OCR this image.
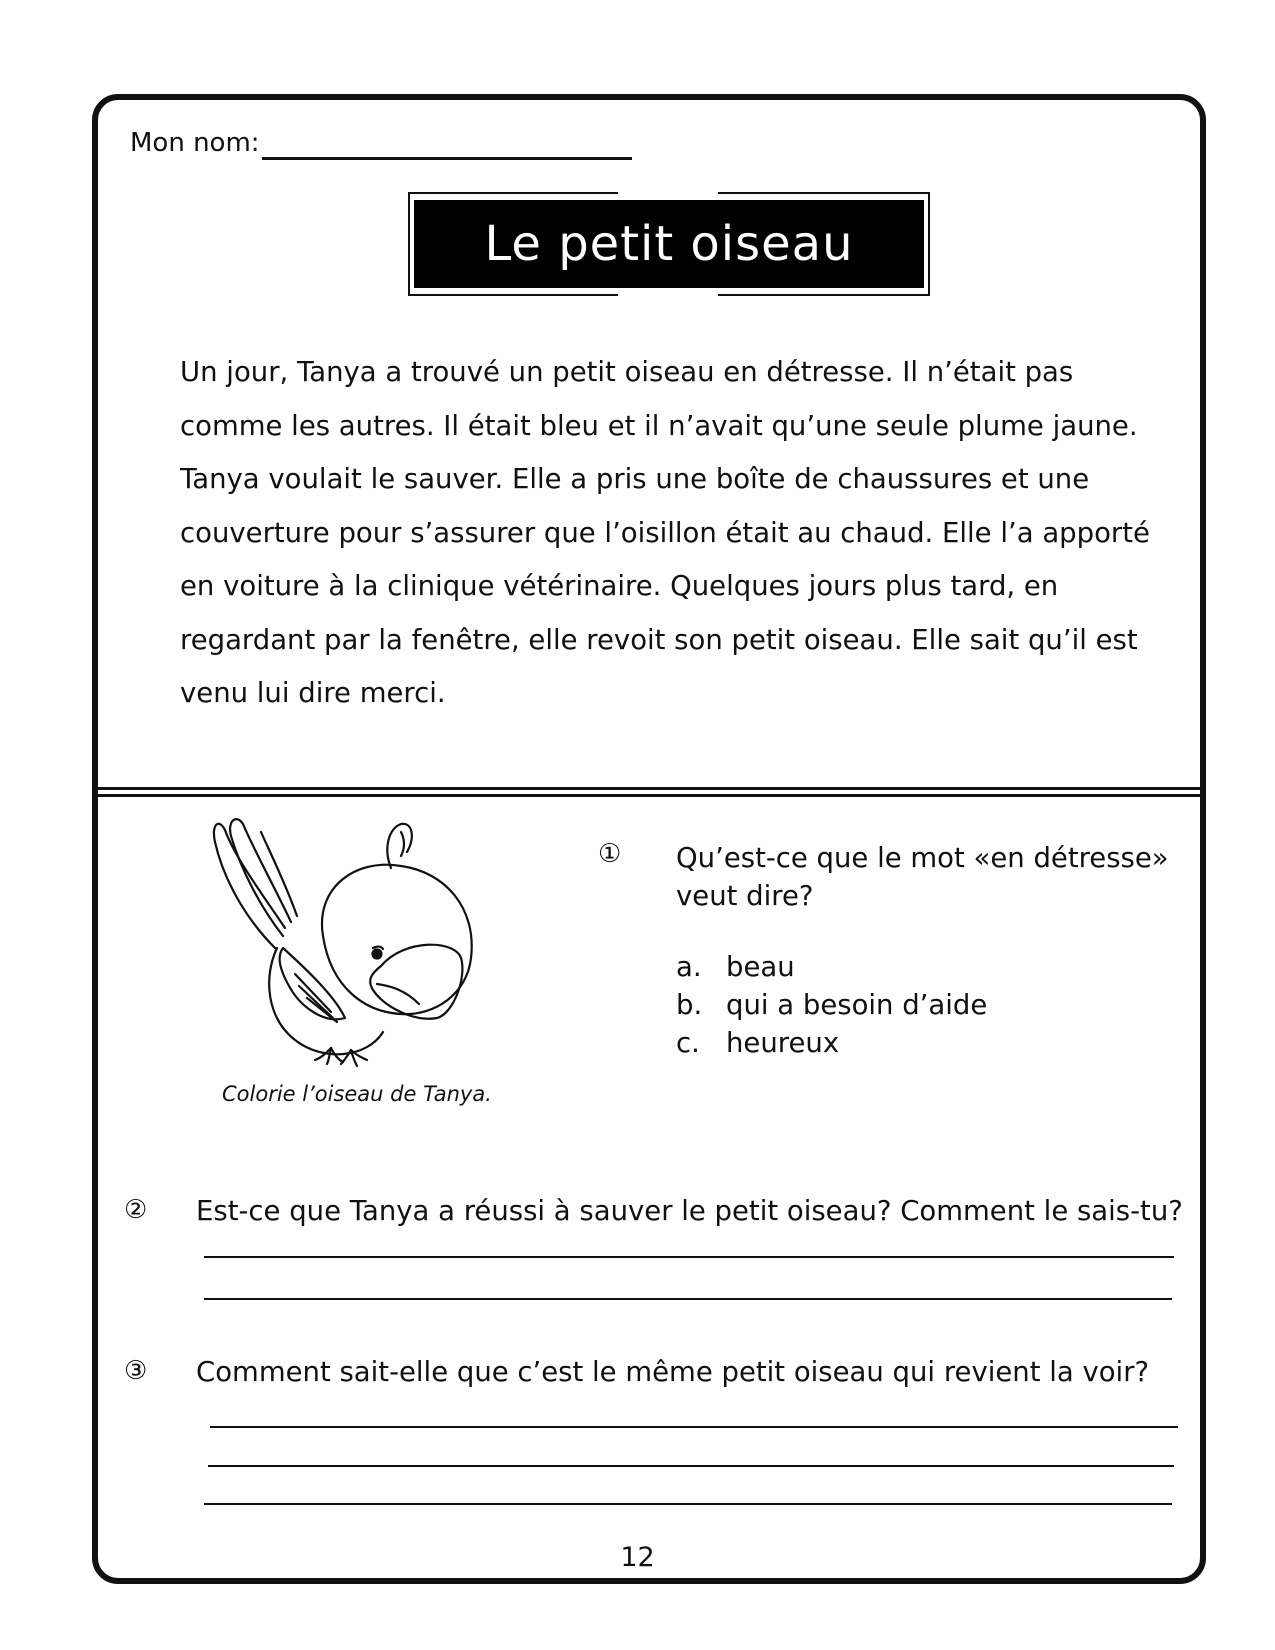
Mon nom:
Le petit oiseau

Un jour, Tanya a trouvé un petit oiseau en détresse. Il n’était pas

comme les autres. Il était bleu et il n’avait qu’une seule plume jaune.

Tanya voulait le sauver. Elle a pris une boîte de chaussures et une

couverture pour s’assurer que l’oisillon était au chaud. Elle l’a apporté

en voiture à la clinique vétérinaire. Quelques jours plus tard, en

regardant par la fenêtre, elle revoit son petit oiseau. Elle sait qu’il est

venu lui dire merci.

Colorie l’oiseau de Tanya.
①	Qu’est-ce que le mot «en détresse»
veut dire?
a. beau
b. qui a besoin d’aide
c. heureux
②	Est-ce que Tanya a réussi à sauver le petit oiseau? Comment le sais-tu?
③	Comment sait-elle que c’est le même petit oiseau qui revient la voir?
12
